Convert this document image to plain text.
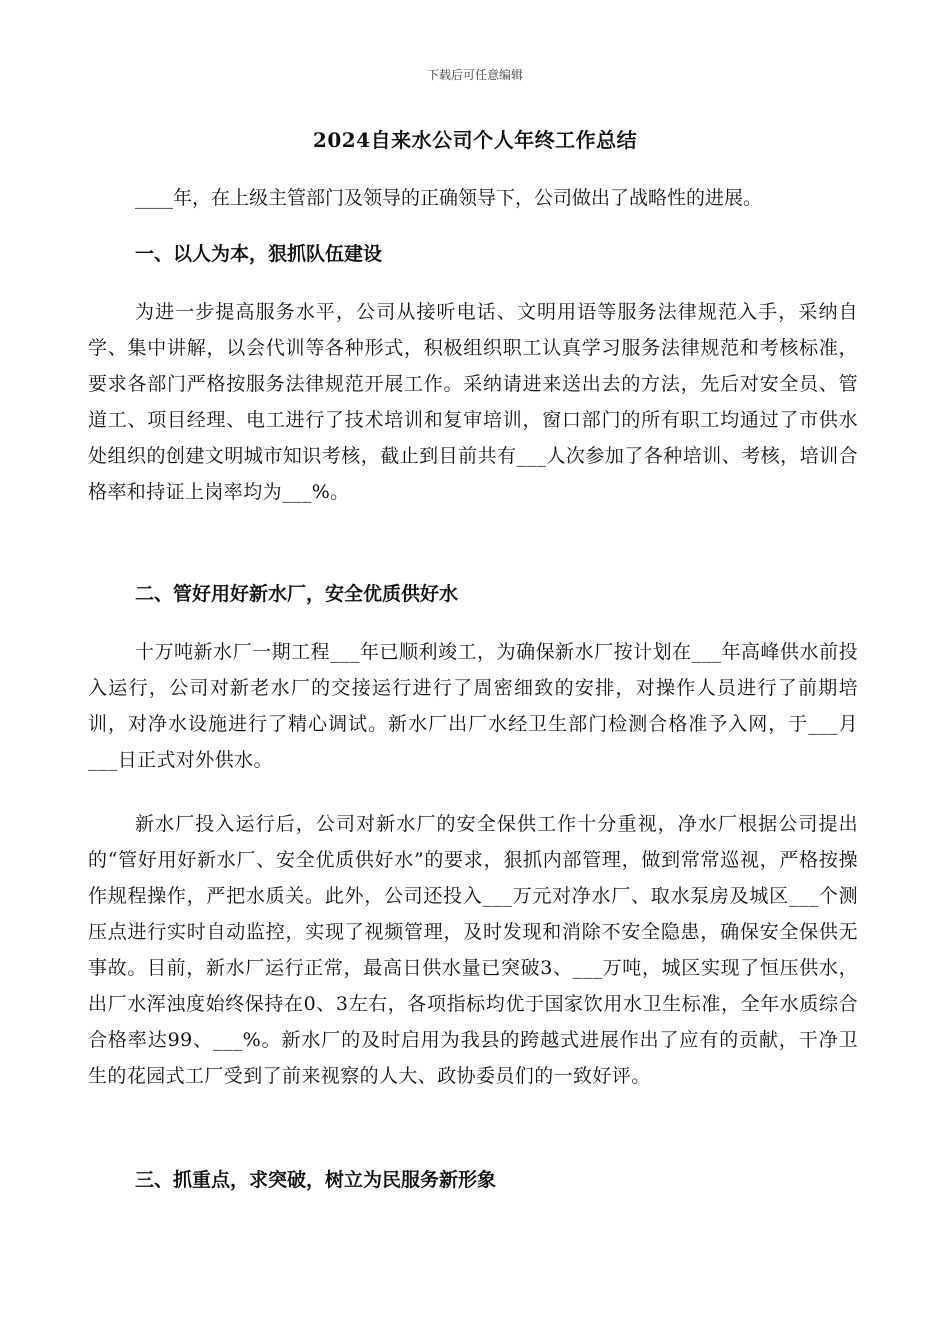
下载后可任意编辑
2024自来水公司个人年终工作总结
____年，在上级主管部门及领导的正确领导下，公司做出了战略性的进展。
一、以人为本，狠抓队伍建设
为进一步提高服务水平，公司从接听电话、文明用语等服务法律规范入手，采纳自学、集中讲解，以会代训等各种形式，积极组织职工认真学习服务法律规范和考核标准，要求各部门严格按服务法律规范开展工作。采纳请进来送出去的方法，先后对安全员、管道工、项目经理、电工进行了技术培训和复审培训，窗口部门的所有职工均通过了市供水处组织的创建文明城市知识考核，截止到目前共有___人次参加了各种培训、考核，培训合格率和持证上岗率均为___%。
二、管好用好新水厂，安全优质供好水
十万吨新水厂一期工程___年已顺利竣工，为确保新水厂按计划在___年高峰供水前投入运行，公司对新老水厂的交接运行进行了周密细致的安排，对操作人员进行了前期培训，对净水设施进行了精心调试。新水厂出厂水经卫生部门检测合格准予入网，于___月___日正式对外供水。
新水厂投入运行后，公司对新水厂的安全保供工作十分重视，净水厂根据公司提出的“管好用好新水厂、安全优质供好水”的要求，狠抓内部管理，做到常常巡视，严格按操作规程操作，严把水质关。此外，公司还投入___万元对净水厂、取水泵房及城区___个测压点进行实时自动监控，实现了视频管理，及时发现和消除不安全隐患，确保安全保供无事故。目前，新水厂运行正常，最高日供水量已突破3、___万吨，城区实现了恒压供水，出厂水浑浊度始终保持在0、3左右，各项指标均优于国家饮用水卫生标准，全年水质综合合格率达99、___%。新水厂的及时启用为我县的跨越式进展作出了应有的贡献，干净卫生的花园式工厂受到了前来视察的人大、政协委员们的一致好评。
三、抓重点，求突破，树立为民服务新形象
